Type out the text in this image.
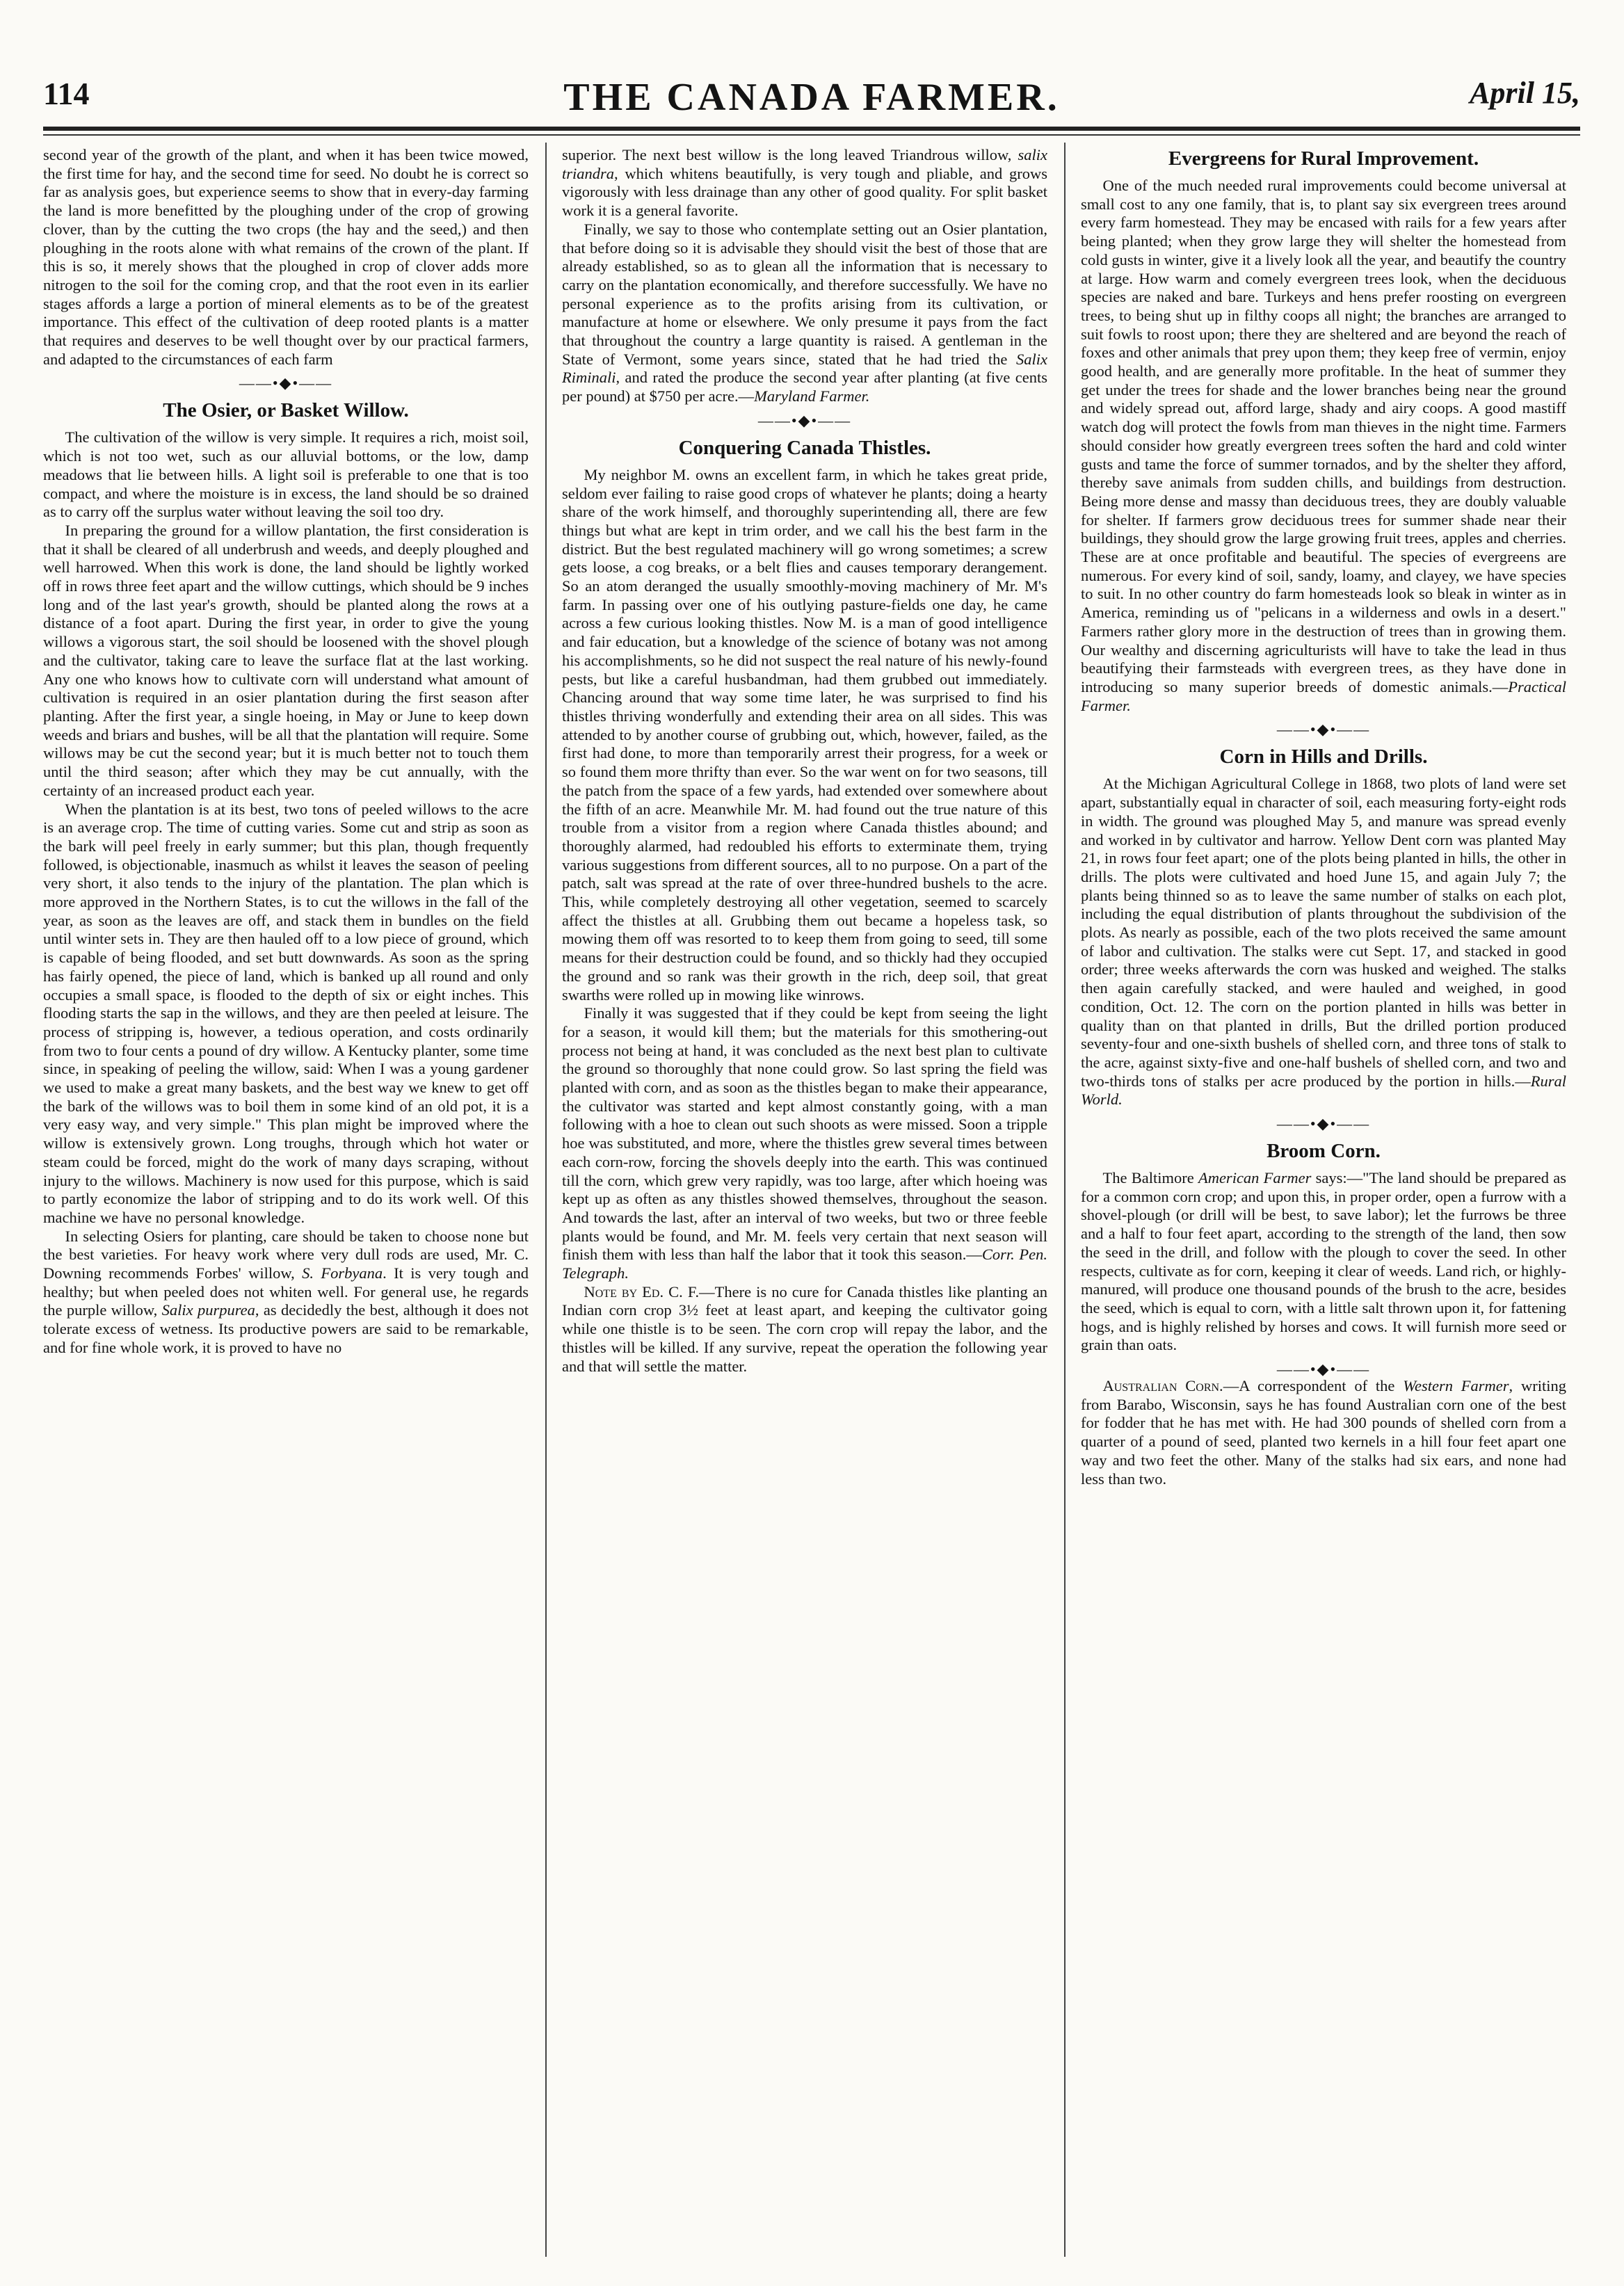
114	THE CANADA FARMER.	April 15,

second year of the growth of the plant, and when it has been twice mowed, the first time for hay, and the second time for seed. No doubt he is correct so far as analysis goes, but experience seems to show that in every-day farming the land is more benefitted by the ploughing under of the crop of growing clover, than by the cutting the two crops (the hay and the seed,) and then ploughing in the roots alone with what remains of the crown of the plant. If this is so, it merely shows that the ploughed in crop of clover adds more nitrogen to the soil for the coming crop, and that the root even in its earlier stages affords a large a portion of mineral elements as to be of the greatest importance. This effect of the cultivation of deep rooted plants is a matter that requires and deserves to be well thought over by our practical farmers, and adapted to the circumstances of each farm

——•◆•——
The Osier, or Basket Willow.

The cultivation of the willow is very simple. It requires a rich, moist soil, which is not too wet, such as our alluvial bottoms, or the low, damp meadows that lie between hills. A light soil is preferable to one that is too compact, and where the moisture is in excess, the land should be so drained as to carry off the surplus water without leaving the soil too dry.

In preparing the ground for a willow plantation, the first consideration is that it shall be cleared of all underbrush and weeds, and deeply ploughed and well harrowed. When this work is done, the land should be lightly worked off in rows three feet apart and the willow cuttings, which should be 9 inches long and of the last year's growth, should be planted along the rows at a distance of a foot apart. During the first year, in order to give the young willows a vigorous start, the soil should be loosened with the shovel plough and the cultivator, taking care to leave the surface flat at the last working. Any one who knows how to cultivate corn will understand what amount of cultivation is required in an osier plantation during the first season after planting. After the first year, a single hoeing, in May or June to keep down weeds and briars and bushes, will be all that the plantation will require. Some willows may be cut the second year; but it is much better not to touch them until the third season; after which they may be cut annually, with the certainty of an increased product each year.

When the plantation is at its best, two tons of peeled willows to the acre is an average crop. The time of cutting varies. Some cut and strip as soon as the bark will peel freely in early summer; but this plan, though frequently followed, is objectionable, inasmuch as whilst it leaves the season of peeling very short, it also tends to the injury of the plantation. The plan which is more approved in the Northern States, is to cut the willows in the fall of the year, as soon as the leaves are off, and stack them in bundles on the field until winter sets in. They are then hauled off to a low piece of ground, which is capable of being flooded, and set butt downwards. As soon as the spring has fairly opened, the piece of land, which is banked up all round and only occupies a small space, is flooded to the depth of six or eight inches. This flooding starts the sap in the willows, and they are then peeled at leisure. The process of stripping is, however, a tedious operation, and costs ordinarily from two to four cents a pound of dry willow. A Kentucky planter, some time since, in speaking of peeling the willow, said: When I was a young gardener we used to make a great many baskets, and the best way we knew to get off the bark of the willows was to boil them in some kind of an old pot, it is a very easy way, and very simple." This plan might be improved where the willow is extensively grown. Long troughs, through which hot water or steam could be forced, might do the work of many days scraping, without injury to the willows. Machinery is now used for this purpose, which is said to partly economize the labor of stripping and to do its work well. Of this machine we have no personal knowledge.

In selecting Osiers for planting, care should be taken to choose none but the best varieties. For heavy work where very dull rods are used, Mr. C. Downing recommends Forbes' willow, S. Forbyana. It is very tough and healthy; but when peeled does not whiten well. For general use, he regards the purple willow, Salix purpurea, as decidedly the best, although it does not tolerate excess of wetness. Its productive powers are said to be remarkable, and for fine whole work, it is proved to have no

superior. The next best willow is the long leaved Triandrous willow, salix triandra, which whitens beautifully, is very tough and pliable, and grows vigorously with less drainage than any other of good quality. For split basket work it is a general favorite.

Finally, we say to those who contemplate setting out an Osier plantation, that before doing so it is advisable they should visit the best of those that are already established, so as to glean all the information that is necessary to carry on the plantation economically, and therefore successfully. We have no personal experience as to the profits arising from its cultivation, or manufacture at home or elsewhere. We only presume it pays from the fact that throughout the country a large quantity is raised. A gentleman in the State of Vermont, some years since, stated that he had tried the Salix Riminali, and rated the produce the second year after planting (at five cents per pound) at $750 per acre.—Maryland Farmer.

——•◆•——
Conquering Canada Thistles.

My neighbor M. owns an excellent farm, in which he takes great pride, seldom ever failing to raise good crops of whatever he plants; doing a hearty share of the work himself, and thoroughly superintending all, there are few things but what are kept in trim order, and we call his the best farm in the district. But the best regulated machinery will go wrong sometimes; a screw gets loose, a cog breaks, or a belt flies and causes temporary derangement. So an atom deranged the usually smoothly-moving machinery of Mr. M's farm. In passing over one of his outlying pasture-fields one day, he came across a few curious looking thistles. Now M. is a man of good intelligence and fair education, but a knowledge of the science of botany was not among his accomplishments, so he did not suspect the real nature of his newly-found pests, but like a careful husbandman, had them grubbed out immediately. Chancing around that way some time later, he was surprised to find his thistles thriving wonderfully and extending their area on all sides. This was attended to by another course of grubbing out, which, however, failed, as the first had done, to more than temporarily arrest their progress, for a week or so found them more thrifty than ever. So the war went on for two seasons, till the patch from the space of a few yards, had extended over somewhere about the fifth of an acre. Meanwhile Mr. M. had found out the true nature of this trouble from a visitor from a region where Canada thistles abound; and thoroughly alarmed, had redoubled his efforts to exterminate them, trying various suggestions from different sources, all to no purpose. On a part of the patch, salt was spread at the rate of over three-hundred bushels to the acre. This, while completely destroying all other vegetation, seemed to scarcely affect the thistles at all. Grubbing them out became a hopeless task, so mowing them off was resorted to to keep them from going to seed, till some means for their destruction could be found, and so thickly had they occupied the ground and so rank was their growth in the rich, deep soil, that great swarths were rolled up in mowing like winrows.

Finally it was suggested that if they could be kept from seeing the light for a season, it would kill them; but the materials for this smothering-out process not being at hand, it was concluded as the next best plan to cultivate the ground so thoroughly that none could grow. So last spring the field was planted with corn, and as soon as the thistles began to make their appearance, the cultivator was started and kept almost constantly going, with a man following with a hoe to clean out such shoots as were missed. Soon a tripple hoe was substituted, and more, where the thistles grew several times between each corn-row, forcing the shovels deeply into the earth. This was continued till the corn, which grew very rapidly, was too large, after which hoeing was kept up as often as any thistles showed themselves, throughout the season. And towards the last, after an interval of two weeks, but two or three feeble plants would be found, and Mr. M. feels very certain that next season will finish them with less than half the labor that it took this season.—Corr. Pen. Telegraph.

Note by Ed. C. F.—There is no cure for Canada thistles like planting an Indian corn crop 3½ feet at least apart, and keeping the cultivator going while one thistle is to be seen. The corn crop will repay the labor, and the thistles will be killed. If any survive, repeat the operation the following year and that will settle the matter.

Evergreens for Rural Improvement.

One of the much needed rural improvements could become universal at small cost to any one family, that is, to plant say six evergreen trees around every farm homestead. They may be encased with rails for a few years after being planted; when they grow large they will shelter the homestead from cold gusts in winter, give it a lively look all the year, and beautify the country at large. How warm and comely evergreen trees look, when the deciduous species are naked and bare. Turkeys and hens prefer roosting on evergreen trees, to being shut up in filthy coops all night; the branches are arranged to suit fowls to roost upon; there they are sheltered and are beyond the reach of foxes and other animals that prey upon them; they keep free of vermin, enjoy good health, and are generally more profitable. In the heat of summer they get under the trees for shade and the lower branches being near the ground and widely spread out, afford large, shady and airy coops. A good mastiff watch dog will protect the fowls from man thieves in the night time. Farmers should consider how greatly evergreen trees soften the hard and cold winter gusts and tame the force of summer tornados, and by the shelter they afford, thereby save animals from sudden chills, and buildings from destruction. Being more dense and massy than deciduous trees, they are doubly valuable for shelter. If farmers grow deciduous trees for summer shade near their buildings, they should grow the large growing fruit trees, apples and cherries. These are at once profitable and beautiful. The species of evergreens are numerous. For every kind of soil, sandy, loamy, and clayey, we have species to suit. In no other country do farm homesteads look so bleak in winter as in America, reminding us of "pelicans in a wilderness and owls in a desert." Farmers rather glory more in the destruction of trees than in growing them. Our wealthy and discerning agriculturists will have to take the lead in thus beautifying their farmsteads with evergreen trees, as they have done in introducing so many superior breeds of domestic animals.—Practical Farmer.

——•◆•——
Corn in Hills and Drills.

At the Michigan Agricultural College in 1868, two plots of land were set apart, substantially equal in character of soil, each measuring forty-eight rods in width. The ground was ploughed May 5, and manure was spread evenly and worked in by cultivator and harrow. Yellow Dent corn was planted May 21, in rows four feet apart; one of the plots being planted in hills, the other in drills. The plots were cultivated and hoed June 15, and again July 7; the plants being thinned so as to leave the same number of stalks on each plot, including the equal distribution of plants throughout the subdivision of the plots. As nearly as possible, each of the two plots received the same amount of labor and cultivation. The stalks were cut Sept. 17, and stacked in good order; three weeks afterwards the corn was husked and weighed. The stalks then again carefully stacked, and were hauled and weighed, in good condition, Oct. 12. The corn on the portion planted in hills was better in quality than on that planted in drills, But the drilled portion produced seventy-four and one-sixth bushels of shelled corn, and three tons of stalk to the acre, against sixty-five and one-half bushels of shelled corn, and two and two-thirds tons of stalks per acre produced by the portion in hills.—Rural World.

——•◆•——
Broom Corn.

The Baltimore American Farmer says:—"The land should be prepared as for a common corn crop; and upon this, in proper order, open a furrow with a shovel-plough (or drill will be best, to save labor); let the furrows be three and a half to four feet apart, according to the strength of the land, then sow the seed in the drill, and follow with the plough to cover the seed. In other respects, cultivate as for corn, keeping it clear of weeds. Land rich, or highly-manured, will produce one thousand pounds of the brush to the acre, besides the seed, which is equal to corn, with a little salt thrown upon it, for fattening hogs, and is highly relished by horses and cows. It will furnish more seed or grain than oats.

——•◆•——

Australian Corn.—A correspondent of the Western Farmer, writing from Barabo, Wisconsin, says he has found Australian corn one of the best for fodder that he has met with. He had 300 pounds of shelled corn from a quarter of a pound of seed, planted two kernels in a hill four feet apart one way and two feet the other. Many of the stalks had six ears, and none had less than two.
